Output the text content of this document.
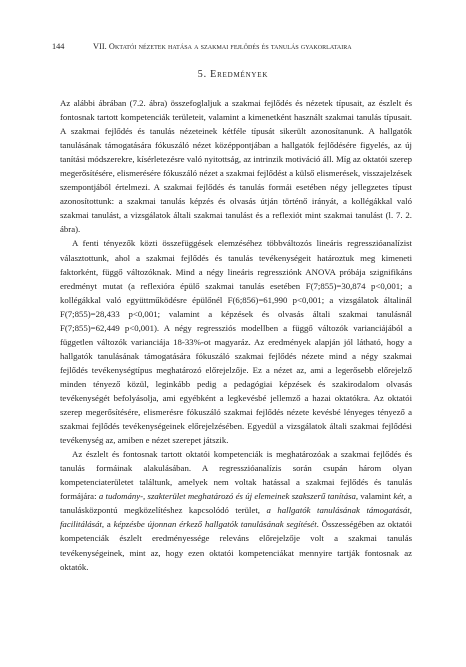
144	VII. Oktatói nézetek hatása a szakmai fejlődés és tanulás gyakorlataira
5. Eredmények

Az alábbi ábrában (7.2. ábra) összefoglaljuk a szakmai fejlődés és nézetek típusait, az észlelt és fontosnak tartott kompetenciák területeit, valamint a kimenetként használt szakmai tanulás típusait. A szakmai fejlődés és tanulás nézeteinek kétféle típusát sikerült azonosítanunk. A hallgatók tanulásának támogatására fókuszáló nézet középpontjában a hallgatók fejlődésére figyelés, az új tanítási módszerekre, kísérletezésre való nyitottság, az intrinzik motiváció áll. Míg az oktatói szerep megerősítésére, elismerésére fókuszáló nézet a szakmai fejlődést a külső elismerések, visszajelzések szempontjából értelmezi. A szakmai fejlődés és tanulás formái esetében négy jellegzetes típust azonosítottunk: a szakmai tanulás képzés és olvasás útján történő irányát, a kollégákkal való szakmai tanulást, a vizsgálatok általi szakmai tanulást és a reflexiót mint szakmai tanulást (l. 7. 2. ábra).

A fenti tényezők közti összefüggések elemzéséhez többváltozós lineáris regresszióanalízist választottunk, ahol a szakmai fejlődés és tanulás tevékenységeit határoztuk meg kimeneti faktorként, függő változóknak. Mind a négy lineáris regressziónk ANOVA próbája szignifikáns eredményt mutat (a reflexióra épülő szakmai tanulás esetében F(7;855)=30,874 p<0,001; a kollégákkal való együttműködésre épülőnél F(6;856)=61,990 p<0,001; a vizsgálatok általinál F(7;855)=28,433 p<0,001; valamint a képzések és olvasás általi szakmai tanulásnál F(7;855)=62,449 p<0,001). A négy regressziós modellben a függő változók varianciájából a független változók varianciája 18-33%-ot magyaráz. Az eredmények alapján jól látható, hogy a hallgatók tanulásának támogatására fókuszáló szakmai fejlődés nézete mind a négy szakmai fejlődés tevékenységtípus meghatározó előrejelzője. Ez a nézet az, ami a legerősebb előrejelző minden tényező közül, leginkább pedig a pedagógiai képzések és szakirodalom olvasás tevékenységét befolyásolja, ami egyébként a legkevésbé jellemző a hazai oktatókra. Az oktatói szerep megerősítésére, elismerésre fókuszáló szakmai fejlődés nézete kevésbé lényeges tényező a szakmai fejlődés tevékenységeinek előrejelzésében. Egyedül a vizsgálatok általi szakmai fejlődési tevékenység az, amiben e nézet szerepet játszik.

Az észlelt és fontosnak tartott oktatói kompetenciák is meghatározóak a szakmai fejlődés és tanulás formáinak alakulásában. A regresszióanalízis során csupán három olyan kompetenciaterületet találtunk, amelyek nem voltak hatással a szakmai fejlődés és tanulás formájára: a tudomány-, szakterület meghatározó és új elemeinek szakszerű tanítása, valamint két, a tanulásközpontú megközelítéshez kapcsolódó terület, a hallgatók tanulásának támogatását, facilitálását, a képzésbe újonnan érkező hallgatók tanulásának segítését. Összességében az oktatói kompetenciák észlelt eredményessége releváns előrejelzője volt a szakmai tanulás tevékenységeinek, mint az, hogy ezen oktatói kompetenciákat mennyire tartják fontosnak az oktatók.
